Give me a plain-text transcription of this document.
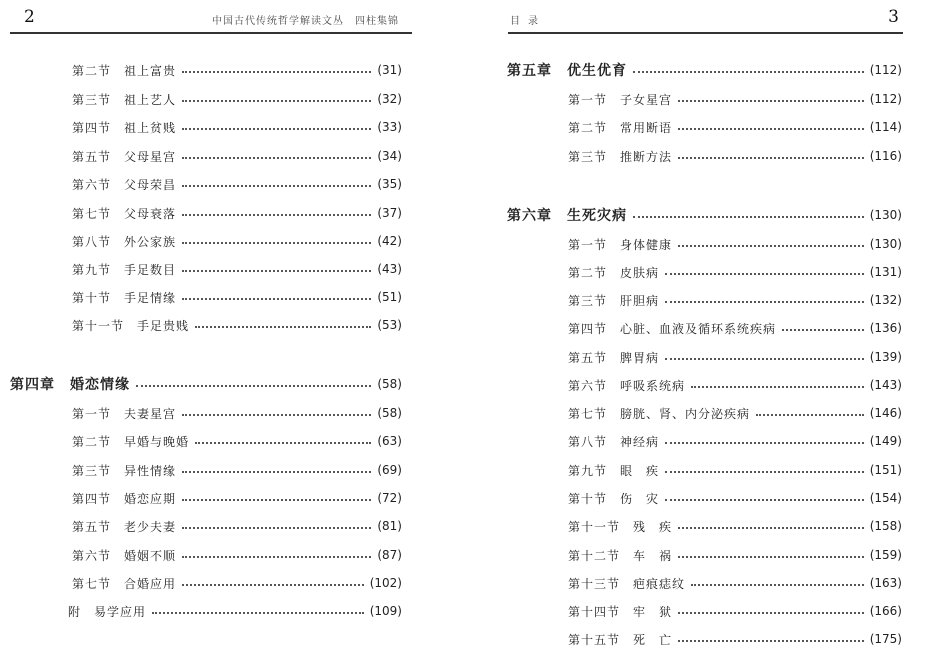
2	中国古代传统哲学解读文丛　四柱集锦
第二节　祖上富贵	(31)
第三节　祖上艺人	(32)
第四节　祖上贫贱	(33)
第五节　父母星宫	(34)
第六节　父母荣昌	(35)
第七节　父母衰落	(37)
第八节　外公家族	(42)
第九节　手足数目	(43)
第十节　手足情缘	(51)
第十一节　手足贵贱	(53)
第四章　婚恋情缘	(58)
第一节　夫妻星宫	(58)
第二节　早婚与晚婚	(63)
第三节　异性情缘	(69)
第四节　婚恋应期	(72)
第五节　老少夫妻	(81)
第六节　婚姻不顺	(87)
第七节　合婚应用	(102)
附　易学应用	(109)
目录	3
第五章　优生优育	(112)
第一节　子女星宫	(112)
第二节　常用断语	(114)
第三节　推断方法	(116)
第六章　生死灾病	(130)
第一节　身体健康	(130)
第二节　皮肤病	(131)
第三节　肝胆病	(132)
第四节　心脏、血液及循环系统疾病	(136)
第五节　脾胃病	(139)
第六节　呼吸系统病	(143)
第七节　膀胱、肾、内分泌疾病	(146)
第八节　神经病	(149)
第九节　眼　疾	(151)
第十节　伤　灾	(154)
第十一节　残　疾	(158)
第十二节　车　祸	(159)
第十三节　疤痕痣纹	(163)
第十四节　牢　狱	(166)
第十五节　死　亡	(175)
